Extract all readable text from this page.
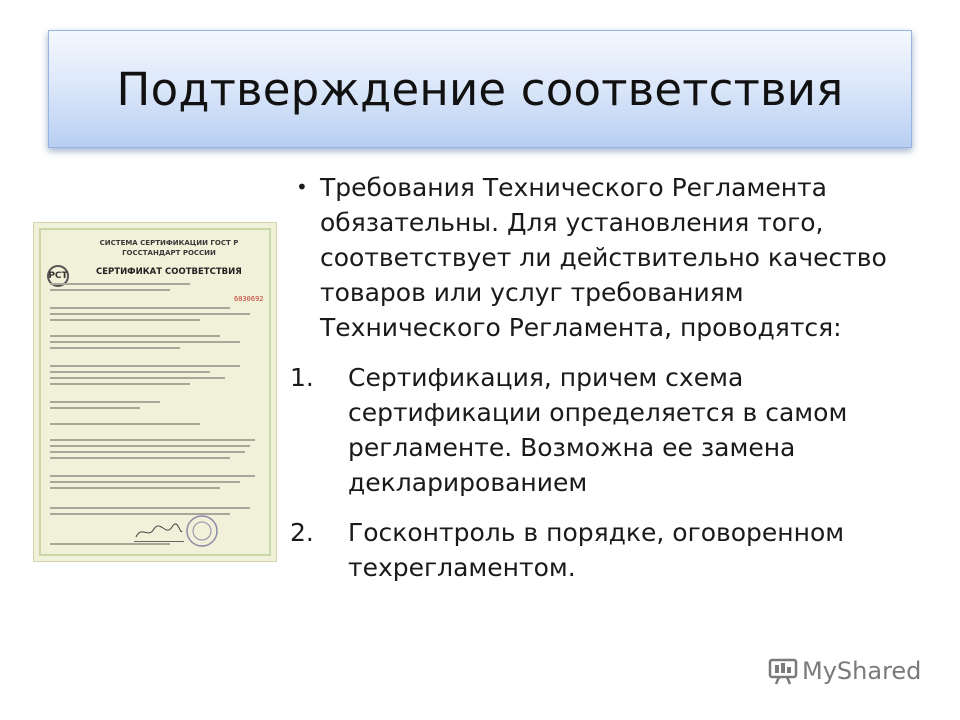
Подтверждение соответствия
СИСТЕМА СЕРТИФИКАЦИИ ГОСТ Р
ГОССТАНДАРТ РОССИИ
РСТ	СЕРТИФИКАТ СООТВЕТСТВИЯ
6030692
• Требования Технического Регламента обязательны. Для установления того, соответствует ли действительно качество товаров или услуг требованиям Технического Регламента, проводятся:
1. Сертификация, причем схема сертификации определяется в самом регламенте. Возможна ее замена декларированием
2. Госконтроль в порядке, оговоренном техрегламентом.
MyShared
